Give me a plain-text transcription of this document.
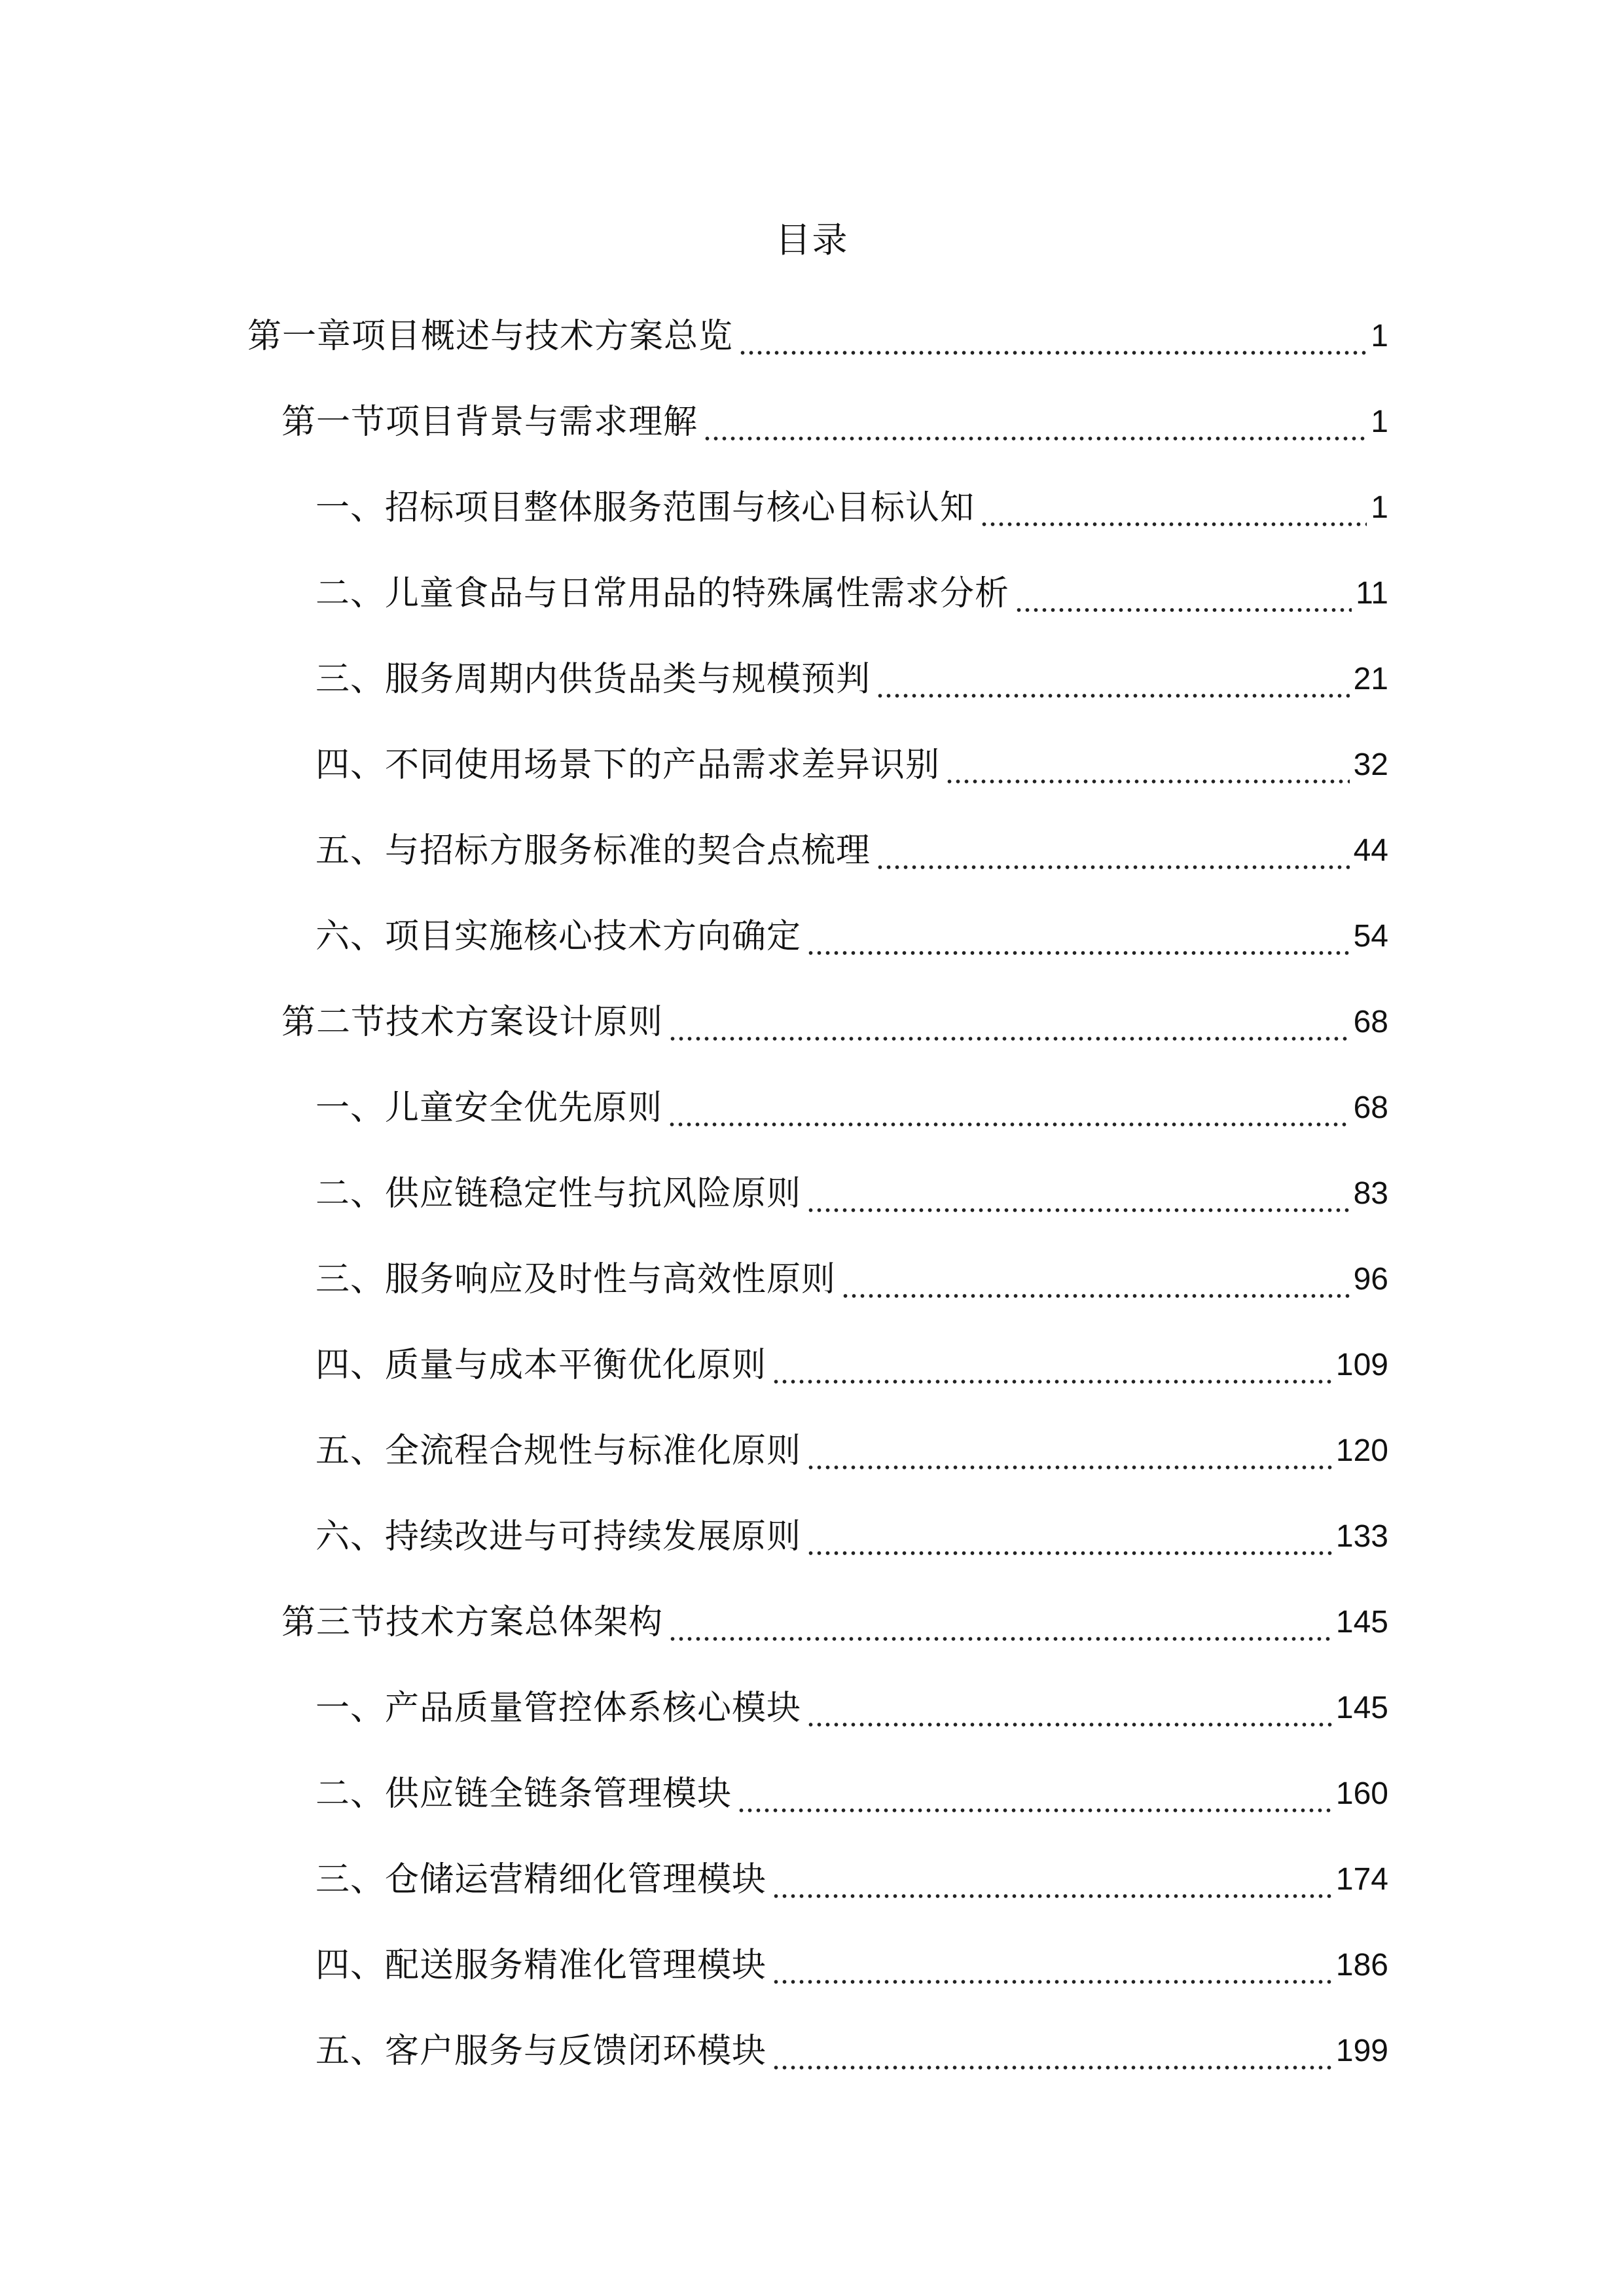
目录
第一章项目概述与技术方案总览	1
第一节项目背景与需求理解	1
一、招标项目整体服务范围与核心目标认知	1
二、儿童食品与日常用品的特殊属性需求分析	11
三、服务周期内供货品类与规模预判	21
四、不同使用场景下的产品需求差异识别	32
五、与招标方服务标准的契合点梳理	44
六、项目实施核心技术方向确定	54
第二节技术方案设计原则	68
一、儿童安全优先原则	68
二、供应链稳定性与抗风险原则	83
三、服务响应及时性与高效性原则	96
四、质量与成本平衡优化原则	109
五、全流程合规性与标准化原则	120
六、持续改进与可持续发展原则	133
第三节技术方案总体架构	145
一、产品质量管控体系核心模块	145
二、供应链全链条管理模块	160
三、仓储运营精细化管理模块	174
四、配送服务精准化管理模块	186
五、客户服务与反馈闭环模块	199
